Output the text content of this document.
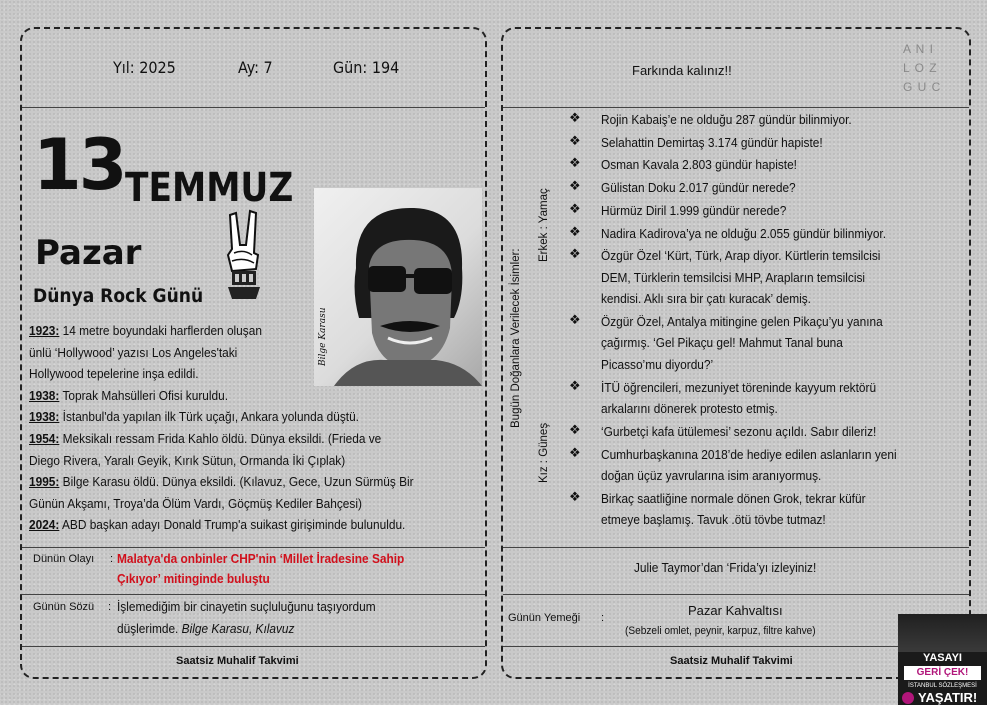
Yıl: 2025	Ay: 7	Gün: 194	Farkında kalınız!!
A N I
L O Z
G U C
13 TEMMUZ
Pazar
Dünya Rock Günü
Bilge Karasu
1923: 14 metre boyundaki harflerden oluşan
ünlü ‘Hollywood’ yazısı Los Angeles'taki
Hollywood tepelerine inşa edildi.
1938: Toprak Mahsülleri Ofisi kuruldu.
1938: İstanbul'da yapılan ilk Türk uçağı, Ankara yolunda düştü.
1954: Meksikalı ressam Frida Kahlo öldü. Dünya eksildi. (Frieda ve
Diego Rivera, Yaralı Geyik, Kırık Sütun, Ormanda İki Çıplak)
1995: Bilge Karasu öldü. Dünya eksildi. (Kılavuz, Gece, Uzun Sürmüş Bir
Günün Akşamı, Troya’da Ölüm Vardı, Göçmüş Kediler Bahçesi)
2024: ABD başkan adayı Donald Trump'a suikast girişiminde bulunuldu.
Dünün Olayı : Malatya'da onbinler CHP'nin ‘Millet İradesine Sahip
Çıkıyor’ mitinginde buluştu
Günün Sözü : İşlemediğim bir cinayetin suçluluğunu taşıyordum
düşlerimde. Bilge Karasu, Kılavuz
Saatsiz Muhalif Takvimi	Saatsiz Muhalif Takvimi
Bugün Doğanlara Verilecek İsimler:
Erkek : Yamaç
Kız : Güneş
❖ Rojin Kabaiş’e ne olduğu 287 gündür bilinmiyor.
❖ Selahattin Demirtaş 3.174 gündür hapiste!
❖ Osman Kavala 2.803 gündür hapiste!
❖ Gülistan Doku 2.017 gündür nerede?
❖ Hürmüz Diril 1.999 gündür nerede?
❖ Nadira Kadirova’ya ne olduğu 2.055 gündür bilinmiyor.
❖ Özgür Özel ‘Kürt, Türk, Arap diyor. Kürtlerin temsilcisi
DEM, Türklerin temsilcisi MHP, Arapların temsilcisi
kendisi. Aklı sıra bir çatı kuracak’ demiş.
❖ Özgür Özel, Antalya mitingine gelen Pikaçu’yu yanına
çağırmış. ‘Gel Pikaçu gel! Mahmut Tanal buna
Picasso’mu diyordu?’
❖ İTÜ öğrencileri, mezuniyet töreninde kayyum rektörü
arkalarını dönerek protesto etmiş.
❖ ‘Gurbetçi kafa ütülemesi’ sezonu açıldı. Sabır dileriz!
❖ Cumhurbaşkanına 2018’de hediye edilen aslanların yeni
doğan üçüz yavrularına isim aranıyormuş.
❖ Birkaç saatliğine normale dönen Grok, tekrar küfür
etmeye başlamış. Tavuk .ötü tövbe tutmaz!
Julie Taymor’dan ‘Frida’yı izleyiniz!
Günün Yemeği :	Pazar Kahvaltısı
(Sebzeli omlet, peynir, karpuz, filtre kahve)
YASAYI
GERİ ÇEK!
İSTANBUL SÖZLEŞMESİ
YAŞATIR!
